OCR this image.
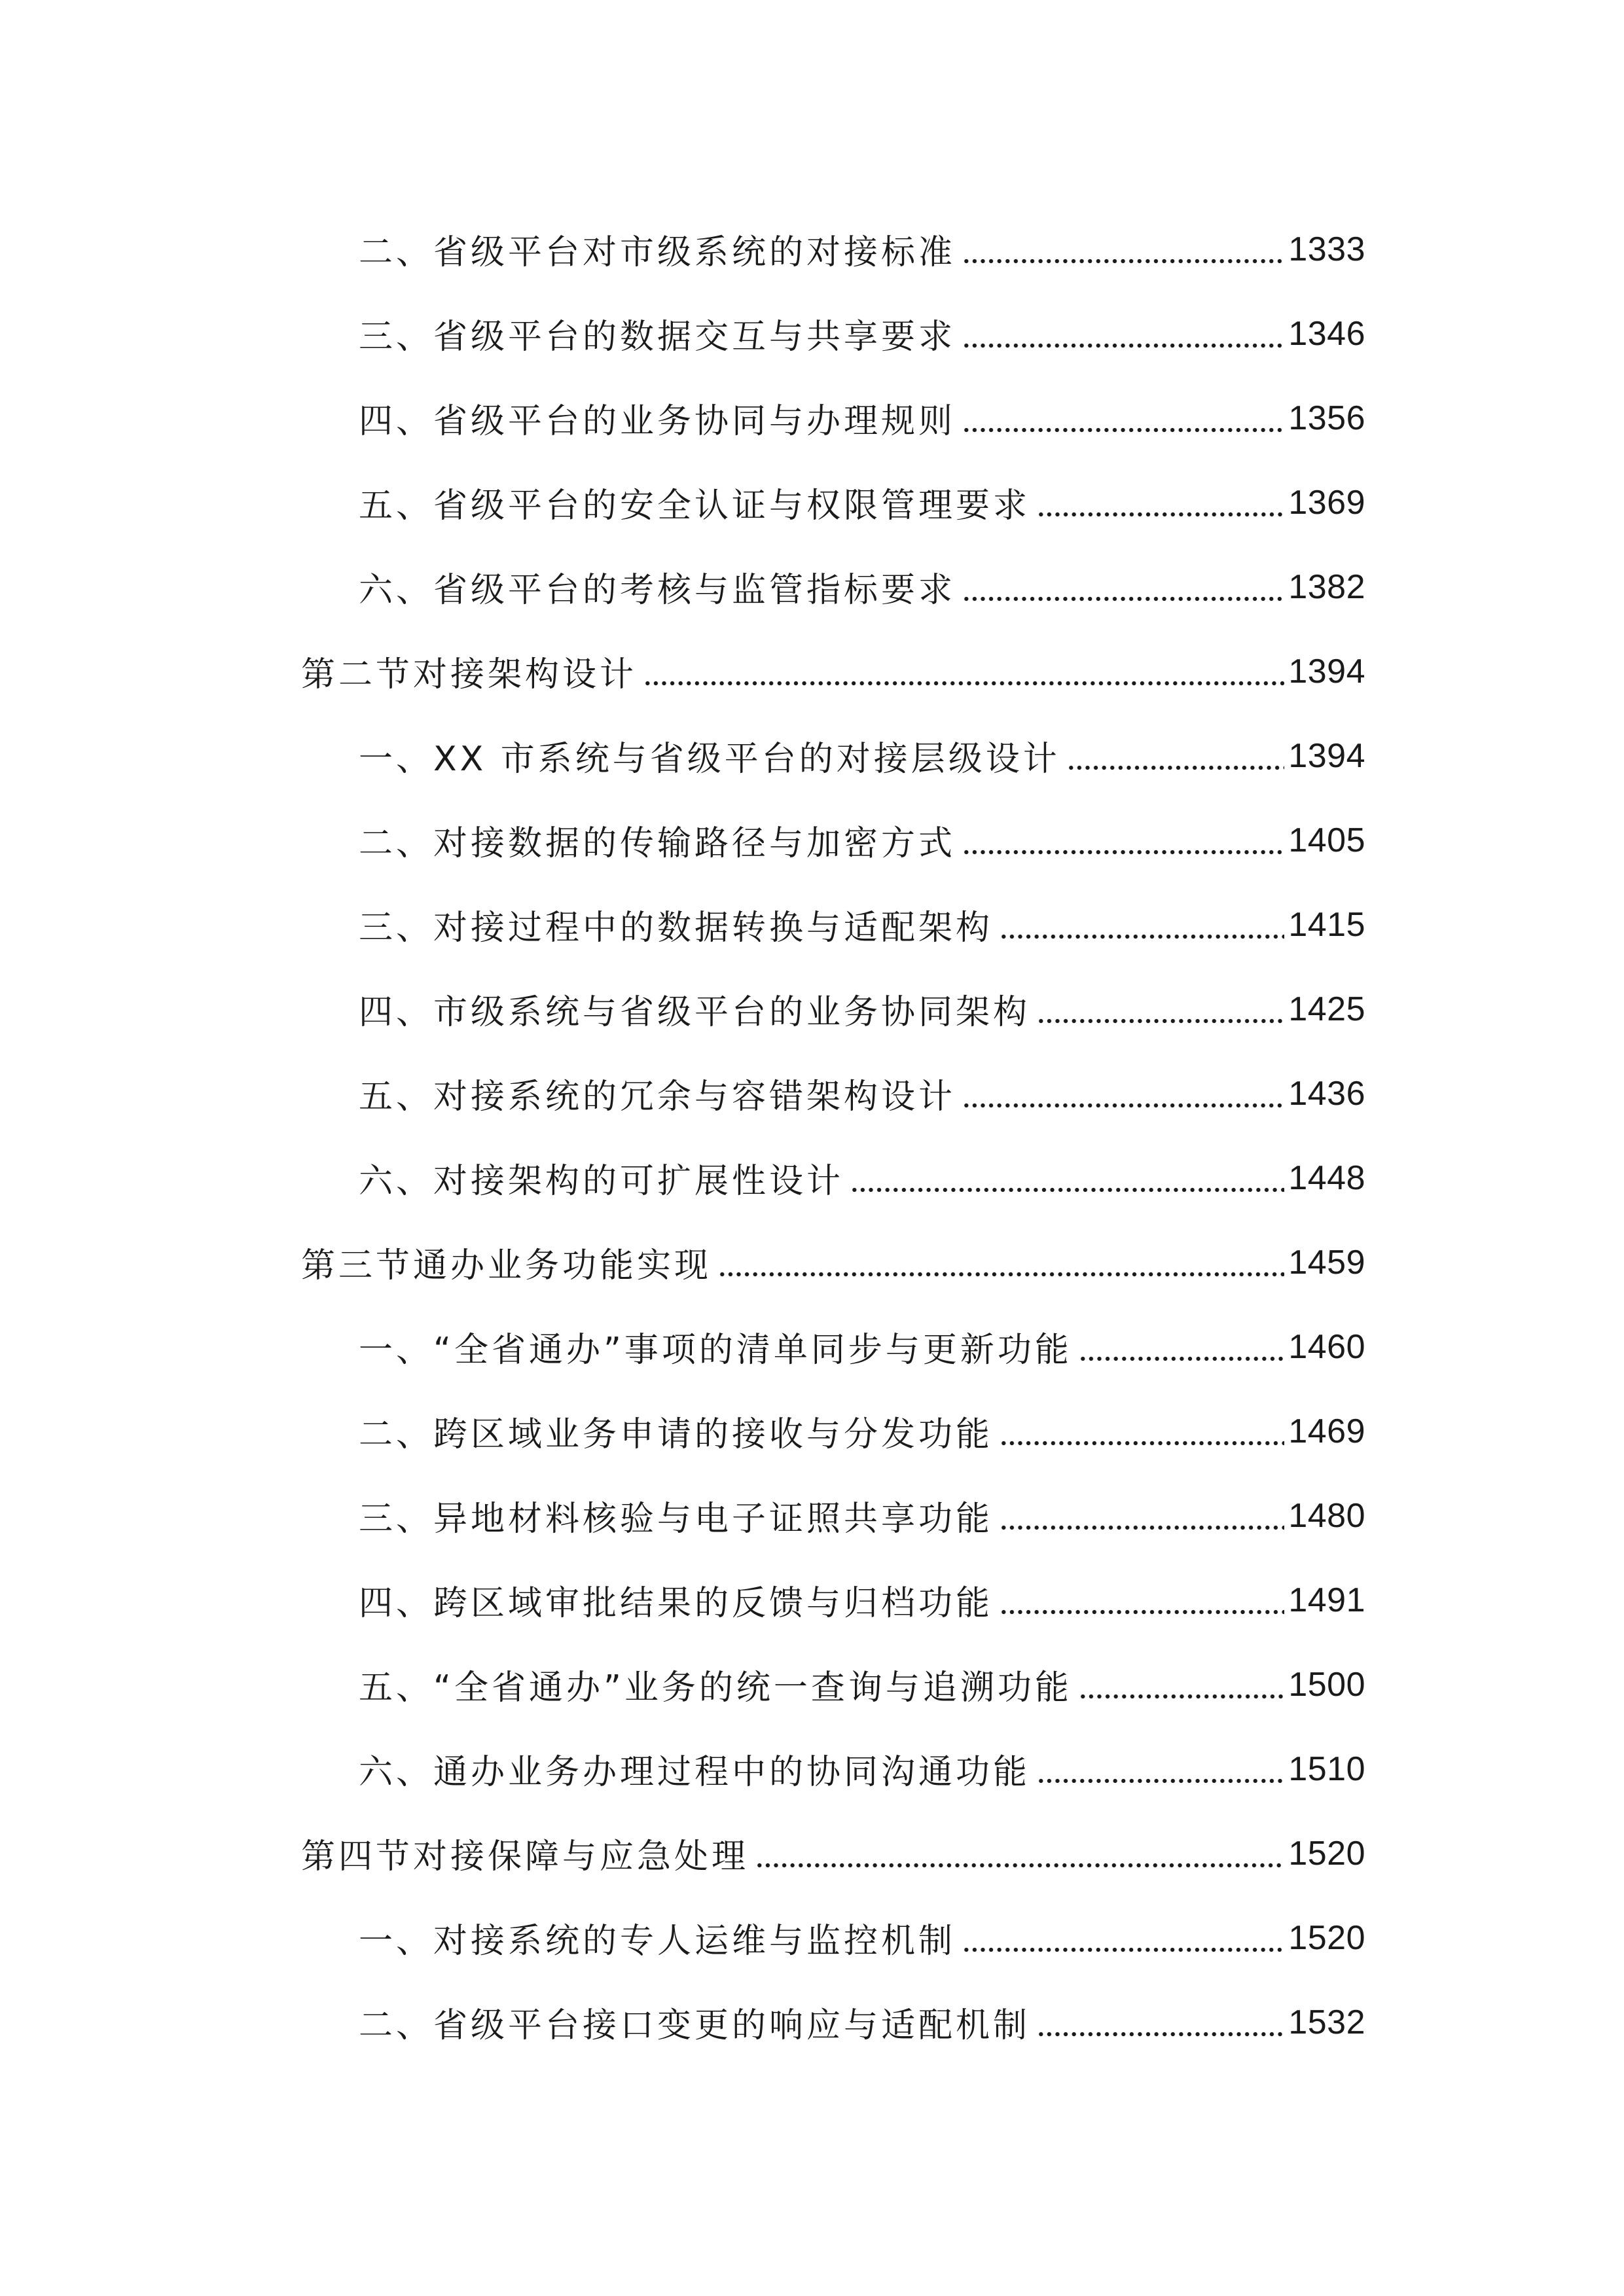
二、省级平台对市级系统的对接标准	1333
三、省级平台的数据交互与共享要求	1346
四、省级平台的业务协同与办理规则	1356
五、省级平台的安全认证与权限管理要求	1369
六、省级平台的考核与监管指标要求	1382
第二节对接架构设计	1394
一、XX 市系统与省级平台的对接层级设计	1394
二、对接数据的传输路径与加密方式	1405
三、对接过程中的数据转换与适配架构	1415
四、市级系统与省级平台的业务协同架构	1425
五、对接系统的冗余与容错架构设计	1436
六、对接架构的可扩展性设计	1448
第三节通办业务功能实现	1459
一、“全省通办”事项的清单同步与更新功能	1460
二、跨区域业务申请的接收与分发功能	1469
三、异地材料核验与电子证照共享功能	1480
四、跨区域审批结果的反馈与归档功能	1491
五、“全省通办”业务的统一查询与追溯功能	1500
六、通办业务办理过程中的协同沟通功能	1510
第四节对接保障与应急处理	1520
一、对接系统的专人运维与监控机制	1520
二、省级平台接口变更的响应与适配机制	1532
